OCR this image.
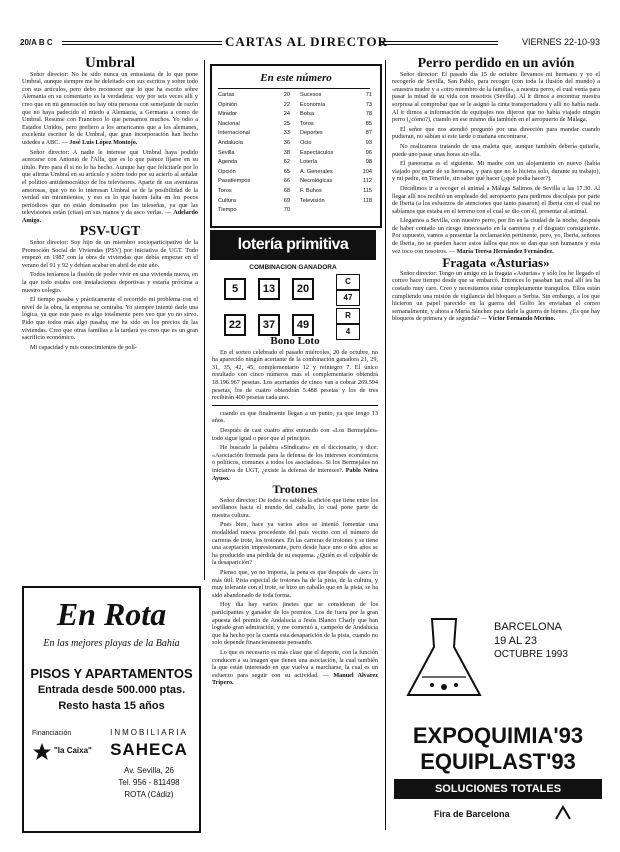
20/A B C	CARTAS AL DIRECTOR	VIERNES 22-10-93
Umbral

Señor director: No he sido nunca un entusiasta de lo que pone Umbral, aunque siempre me he deleitado con sus escritos y sobre todo con sus artículos, pero debo reconocer que lo que ha escrito sobre Alemania en su comentario es la verdadera: voy por seis veces allí y creo que en mi generación no hay otra persona con semejante de razón que no haya padecido el miedo a Alemania, a Germana a como de Umbral. Resume con Francisco lo que pensamos muchos. Yo odio a Estados Unidos, pero prefiero a los americanos que a los alemanes, excelente escritor lo de Umbral, que gran incorporación han hecho ustedes a ABC. — José Luis López Montojo.

Señor director: A nadie le interese que Umbral haya podido acercarse con Antonio de l'Alfa, que es lo que parece fijarse en su título. Pero para él si no lo ha hecho. Aunque hay que felicitarle por lo que afirma Umbral en su artículo y sobre todo por su acierto al señalar el político antidemocrático de los televisores. Aparte de sus aventuras amorosas, que yo no lo interesan Umbral se de la posibilidad de la verdad sin miramientos, y eso es lo que hacen falta en los pocos periódicos que no están dominados por las teleseñas, ya que las televisiones están (citas) en sus manos y da asco verlas. — Adelardo Amigo.

PSV-UGT

Señor director: Soy hijo de un miembro socioparticipativo de la Promoción Social de Viviendas (PSV) por iniciativa de UGT. Todo empezó en 1987 con la obra de viviendas que debía empezar en el verano del 91 y 92 y debían acabar en abril de este año.

Todos teníamos la ilusión de poder vivir en una vivienda nueva, en la que todo estaba con instalaciones deportivas y estaría próxima a nuestro colegio.

El tiempo pasaba y prácticamente el recorrido mi problema con el nivel de la obra, la empresa se centraba. Yo siempre intenté darle una lógica, ya que este paso es algo totalmente pero veo que yo no sirvo. Pido que todos más algo pasaba, me ha sido en los precios de las viviendas. Creo que otras familias a la tardará yo creo que es un gran sacrificio económico.

Mi capacidad y mis conocimientos de polí-

En este número
Cartas	20
Opinión	22
Mirador	24
Nacional	25
Internacional	33
Andalucía	36
Sevilla	38
Agenda	62
Opción	65
Pasatiempos	66
Toros	68
Cultura	69
Tiempo	70
Sucesos	71
Economía	73
Bolsa	78
Toros	85
Deportes	87
Ocio	93
Espectáculos	96
Lotería	98
A. Generales	104
Necrológicas	112
F. Buhos	115
Televisión	118
lotería primitiva
COMBINACION GANADORA
5	13	20
22	37	49
C
47
R
4
Bono Loto

En el sorteo celebrado el pasado miércoles, 20 de octubre, no ha aparecido ningún acertante de la combinación ganadora 21, 29, 31, 35, 42, 45, complementario 12 y reintegro 7. El único resultado con cinco números más el complementario obtendrá 18.196.967 pesetas. Los acertantes de cinco van a cobrar 269.594 pesetas, los de cuatro obtendrán 5.488 pesetas y los de tres recibirán 400 pesetas cada uno.

cuando es que finalmente llegan a un punto, ya que tengo 13 años.

Después de casi cuatro años entrando con «Los Bermejales» todo sigue igual o peor que al principio.

He buscado la palabra «Sindicato» en el diccionario, y dice: «Asociación formada para la defensa de los intereses económicos o políticos, comunes a todos los asociados». Si los Bermejales no iniciativa de UGT, ¿existe la defensa de intereses?. Pablo Neira Ayuso.

Trotones

Señor director: De todos es sabido la afición que tiene entre los sevillanos hacia el mundo del caballo, lo cual pone parte de nuestra cultura.

Pues bien, hace ya varios años se intentó fomentar una modalidad nueva procedente del país vecino con el número de carreras de trote, los trotones. En las carreras de trotones y se tiene una aceptación impresionante, pero desde hace uno o dos años se ha producido una pérdida de su esquema. ¿Quién es el culpable de la desaparición?

Pienso que, yo no importa, la pena es que después de «ser» lo más útil. Pista especial de trotones ha de la pista, de la cultura, y muy tolerante con el trote, se hizo un caballo que en la pista, se ha sido abandonado de toda forma.

Hoy día hay varios jinetes que se consideran de los participantes y ganador de los premios. Los de fuera por la gran apuesta del premio de Andalucía a Jesús Blanco Charly que han logrado gran admiración, y me comentó a, campeón de Andalucía que ha hecho por la cuenta esta desaparición de la pista, cuando no solo depende financieramente pensando.

Lo que es necesario es más clase que el deporte, con la función conducen a su imagen que tienen una asociación, la cual también la que están interesado en que vuelva a marcharse, la cual es un esfuerzo para seguir con su actividad. — Manuel Alvarez Tripero.

Perro perdido en un avión

Señor director: El pasado día 15 de octubre llevamos mi hermano y yo el recogerlo de Sevilla, San Pablo, para recoger (con toda la ilusión del mundo) a «nuestra madre y a «otro miembro de la familia», a nuestra perro, el cual venía para pasar la mitad de su vida con nosotros (Sevilla). Al ir dirnos a encontrar nuestra sorpresa al comprobar que se le asignó la cinta transportadora y allí no había nada. Al ir dirnos a información de equipajes nos dijeron que no había viajado ningún perro (¿cómo?), cuando en ese mismo día también en el aeropuerto de Málaga.

El señor que nos atendió preguntó por una dirección para mandar cuando pudieran, no sabían si este tarde o mañana encontrarse.

No realizamos tratando de una maleta que, aunque también debería quitarla, puede uno pasar unas horas sin ella.

El panorama es el siguiente. Mi madre con un alojamiento en nuevo (había viajado por parte de su hermana, y para que no lo hiciera solo, durante su trabajo), y mi padre, en Tenerife, sin saber qué hacer (¿qué podía hacer?).

Decidimos ir a recoger el animal a Málaga Salimos de Sevilla a las 17.30. Al llegar allí nos recibió un empleado del aeropuerto para pedirnos disculpas por parte de Iberia (a los esfuerzos de atenciones que tanto pasaron) el Iberia con el cual no sabíamos que estaba en el terreno con el cual se dio con él, presentar al animal.

Llegamos a Sevilla, con nuestro perro, por fin en la ciudad de la noche, después de haber contado un riesgo innecesario en la carretera y el disgusto consiguiente. Por supuesto, vamos a presentar la reclamación pertinente, pero, yo, Iberia, señores de Iberia, no se pueden hacer estos fallos que nos se dan que son humanos y esta vez toco con nosotros. — María Teresa Hernández Fernández.

Fragata «Asturias»

Señor director: Tengo un amigo en la fragata «Asturias» y sólo los he llegado el correo hace tiempo desde que se embarcó. Entonces lo pasaban tan mal allí les ha costado muy caro. Creo y necesitamos estar completamente tranquilos. Ellos están cumpliendo una misión de vigilancia del bloqueo a Serbia. Sin embargo, a los que hicieron un papel parecido en la guerra del Golfo les enviaban el correo semanalmente, y ahora a María Sánchez para darle la guerra de bienes. ¿Es que hay bloqueos de primera y de segunda? — Víctor Fernando Merino.

En Rota
En las mejores playas de la Bahía
PISOS Y APARTAMENTOS
Entrada desde 500.000 ptas.
Resto hasta 15 años
Financiación
"la Caixa"
INMOBILIARIA
SAHECA
Av. Sevilla, 26
Tel. 956 - 811498
ROTA (Cádiz)
BARCELONA
19 AL 23
OCTUBRE 1993
EXPOQUIMIA'93
EQUIPLAST'93
SOLUCIONES TOTALES
Fira de Barcelona
